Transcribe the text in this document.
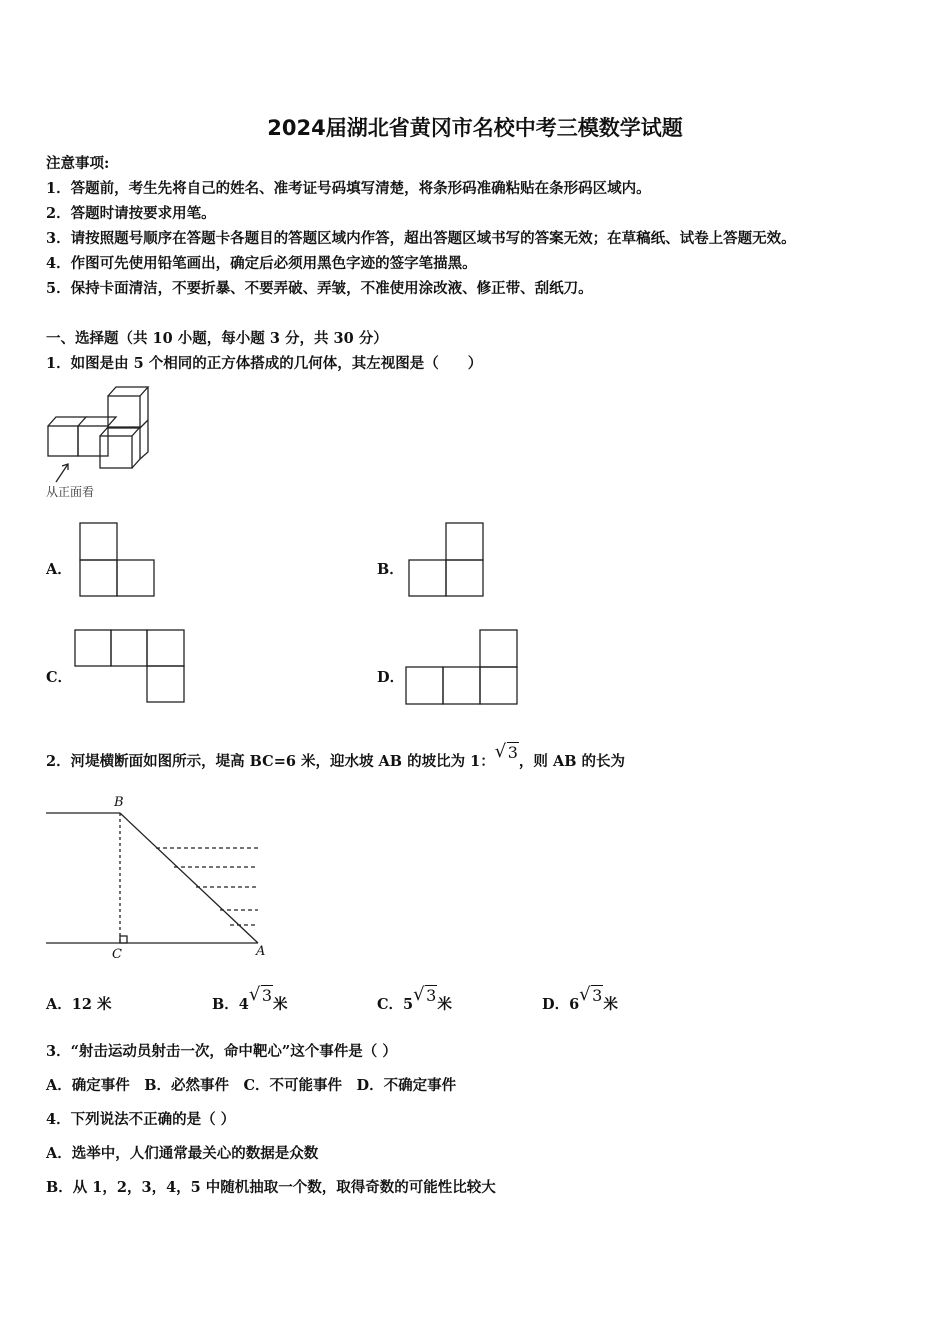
2024届湖北省黄冈市名校中考三模数学试题
注意事项:
1．答题前，考生先将自己的姓名、准考证号码填写清楚，将条形码准确粘贴在条形码区域内。
2．答题时请按要求用笔。
3．请按照题号顺序在答题卡各题目的答题区域内作答，超出答题区域书写的答案无效；在草稿纸、试卷上答题无效。
4．作图可先使用铅笔画出，确定后必须用黑色字迹的签字笔描黑。
5．保持卡面清洁，不要折暴、不要弄破、弄皱，不准使用涂改液、修正带、刮纸刀。
一、选择题（共 10 小题，每小题 3 分，共 30 分）
1．如图是由 5 个相同的正方体搭成的几何体，其左视图是（　　）
从正面看
A．	B．
C．	D．
2．河堤横断面如图所示，堤高 BC=6 米，迎水坡 AB 的坡比为 1： √ 3，则 AB 的长为
B
C	A
A．12 米	B．4 √ 3米	C．5 √ 3米	D．6 √ 3米
3．“射击运动员射击一次，命中靶心”这个事件是（ ）
A．确定事件　B．必然事件　C．不可能事件　D．不确定事件
4．下列说法不正确的是（ ）
A．选举中，人们通常最关心的数据是众数
B．从 1，2，3，4，5 中随机抽取一个数，取得奇数的可能性比较大
